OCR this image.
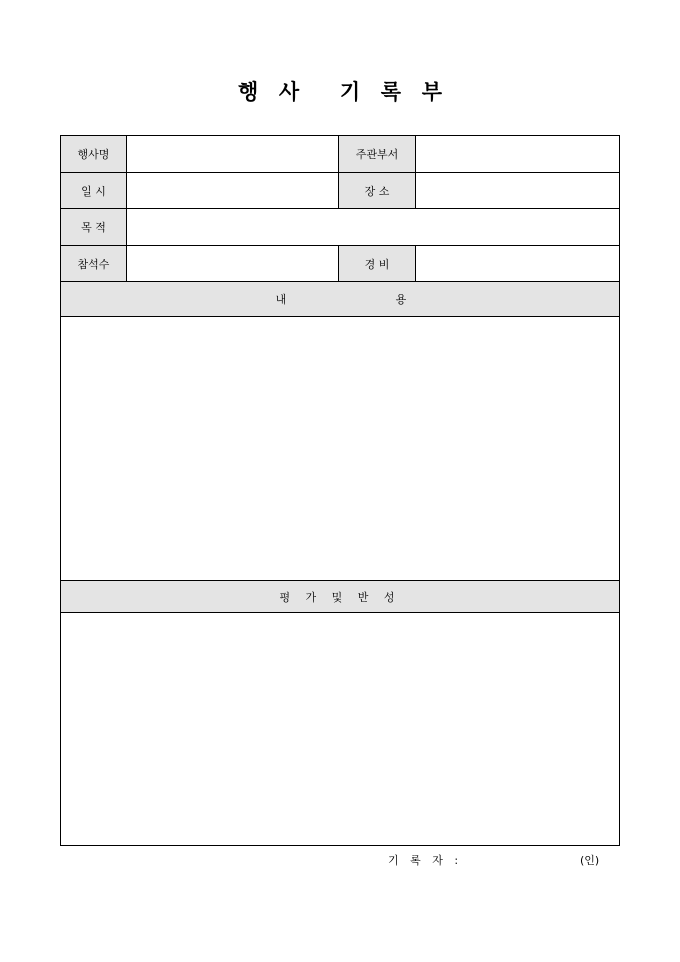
행 사 기 록 부
행사명	주관부서
일 시	장 소
목 적
참석수	경 비
내	용
평 가 및 반 성
기 록 자 :	(인)
